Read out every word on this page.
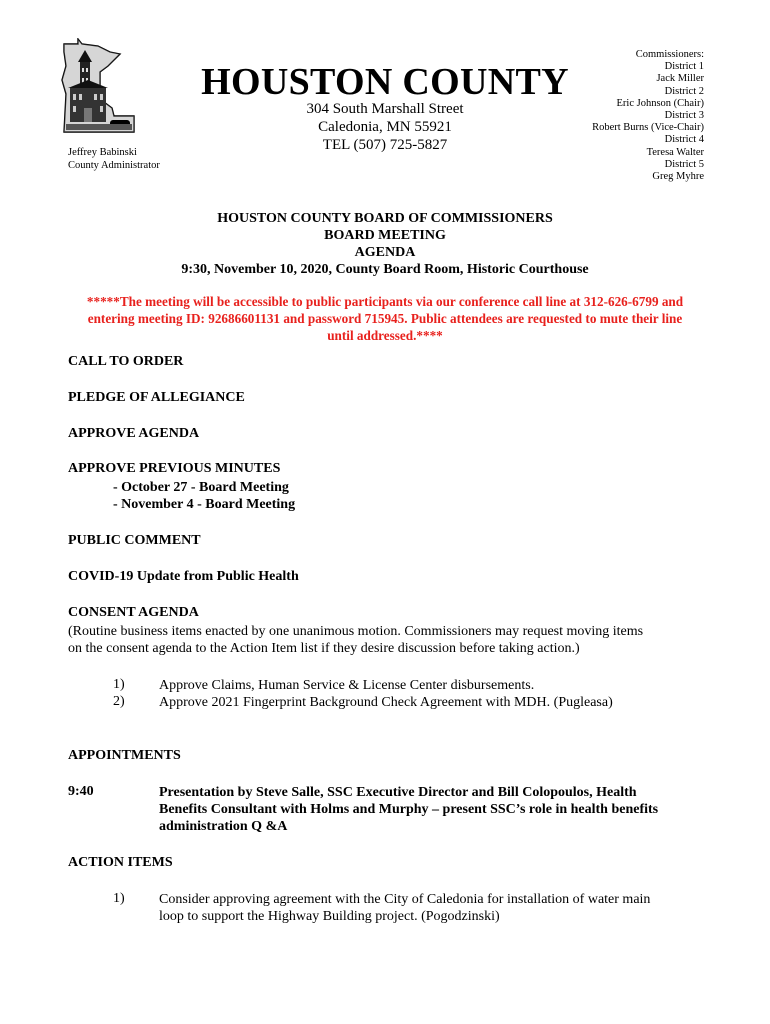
Jeffrey Babinski
County Administrator
HOUSTON COUNTY
304 South Marshall Street
Caledonia, MN 55921
TEL (507) 725-5827
Commissioners:
District 1
Jack Miller
District 2
Eric Johnson (Chair)
District 3
Robert Burns (Vice-Chair)
District 4
Teresa Walter
District 5
Greg Myhre
HOUSTON COUNTY BOARD OF COMMISSIONERS
BOARD MEETING
AGENDA
9:30, November 10, 2020, County Board Room, Historic Courthouse
*****The meeting will be accessible to public participants via our conference call line at 312-626-6799 and
entering meeting ID: 92686601131 and password 715945. Public attendees are requested to mute their line
until addressed.****
CALL TO ORDER
PLEDGE OF ALLEGIANCE
APPROVE AGENDA
APPROVE PREVIOUS MINUTES
- October 27 - Board Meeting
- November 4 - Board Meeting
PUBLIC COMMENT
COVID-19 Update from Public Health
CONSENT AGENDA
(Routine business items enacted by one unanimous motion. Commissioners may request moving items
on the consent agenda to the Action Item list if they desire discussion before taking action.)
1) Approve Claims, Human Service & License Center disbursements.
2) Approve 2021 Fingerprint Background Check Agreement with MDH. (Pugleasa)
APPOINTMENTS
9:40	Presentation by Steve Salle, SSC Executive Director and Bill Colopoulos, Health
Benefits Consultant with Holms and Murphy – present SSC’s role in health benefits
administration Q &A
ACTION ITEMS
1) Consider approving agreement with the City of Caledonia for installation of water main
loop to support the Highway Building project. (Pogodzinski)
